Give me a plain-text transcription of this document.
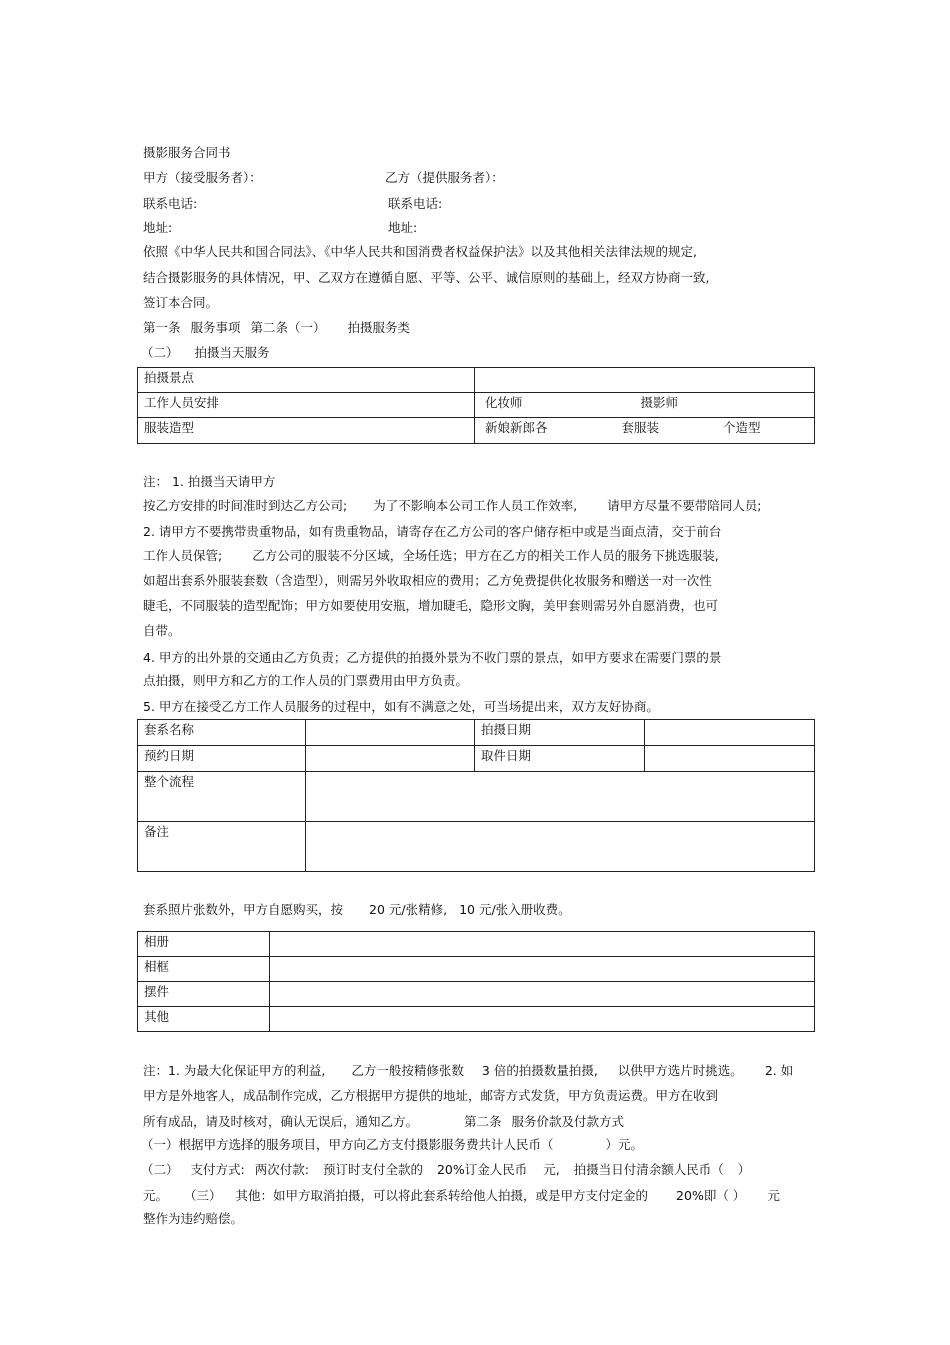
摄影服务合同书
甲方（接受服务者）：	乙方（提供服务者）：
联系电话:	联系电话:
地址:	地址:
依照《中华人民共和国合同法》、《中华人民共和国消费者权益保护法》以及其他相关法律法规的规定,
结合摄影服务的具体情况，甲、乙双方在遵循自愿、平等、公平、诚信原则的基础上，经双方协商一致,
签订本合同。
第一条 服务事项 第二条（一） 拍摄服务类
（二） 拍摄当天服务
拍摄景点	
工作人员安排	化妆师 摄影师
服装造型	新娘新郎各 套服装 个造型
注： 1. 拍摄当天请甲方
按乙方安排的时间准时到达乙方公司; 为了不影响本公司工作人员工作效率, 请甲方尽量不要带陪同人员;
2. 请甲方不要携带贵重物品，如有贵重物品，请寄存在乙方公司的客户储存柜中或是当面点清，交于前台
工作人员保管; 乙方公司的服装不分区域，全场任选；甲方在乙方的相关工作人员的服务下挑选服装,
如超出套系外服装套数（含造型），则需另外收取相应的费用；乙方免费提供化妆服务和赠送一对一次性
睫毛，不同服装的造型配饰；甲方如要使用安瓶，增加睫毛，隐形文胸，美甲套则需另外自愿消费，也可
自带。
4. 甲方的出外景的交通由乙方负责；乙方提供的拍摄外景为不收门票的景点，如甲方要求在需要门票的景
点拍摄，则甲方和乙方的工作人员的门票费用由甲方负责。
5. 甲方在接受乙方工作人员服务的过程中，如有不满意之处，可当场提出来，双方友好协商。
套系名称		拍摄日期	
预约日期		取件日期	
整个流程			
备注			
套系照片张数外，甲方自愿购买，按 20 元/张精修, 10 元/张入册收费。
相册	
相框	
摆件	
其他	
注：1. 为最大化保证甲方的利益, 乙方一般按精修张数 3 倍的拍摄数量拍摄, 以供甲方选片时挑选。 2. 如
甲方是外地客人，成品制作完成，乙方根据甲方提供的地址，邮寄方式发货，甲方负责运费。甲方在收到
所有成品，请及时核对，确认无误后，通知乙方。	第二条 服务价款及付款方式
（一）根据甲方选择的服务项目，甲方向乙方支付摄影服务费共计人民币（	）元。
（二） 支付方式: 两次付款: 预订时支付全款的 20%订金人民币 元, 拍摄当日付清余额人民币（ ）
元。 （三） 其他：如甲方取消拍摄，可以将此套系转给他人拍摄，或是甲方支付定金的 20%即（ ） 元
整作为违约赔偿。
